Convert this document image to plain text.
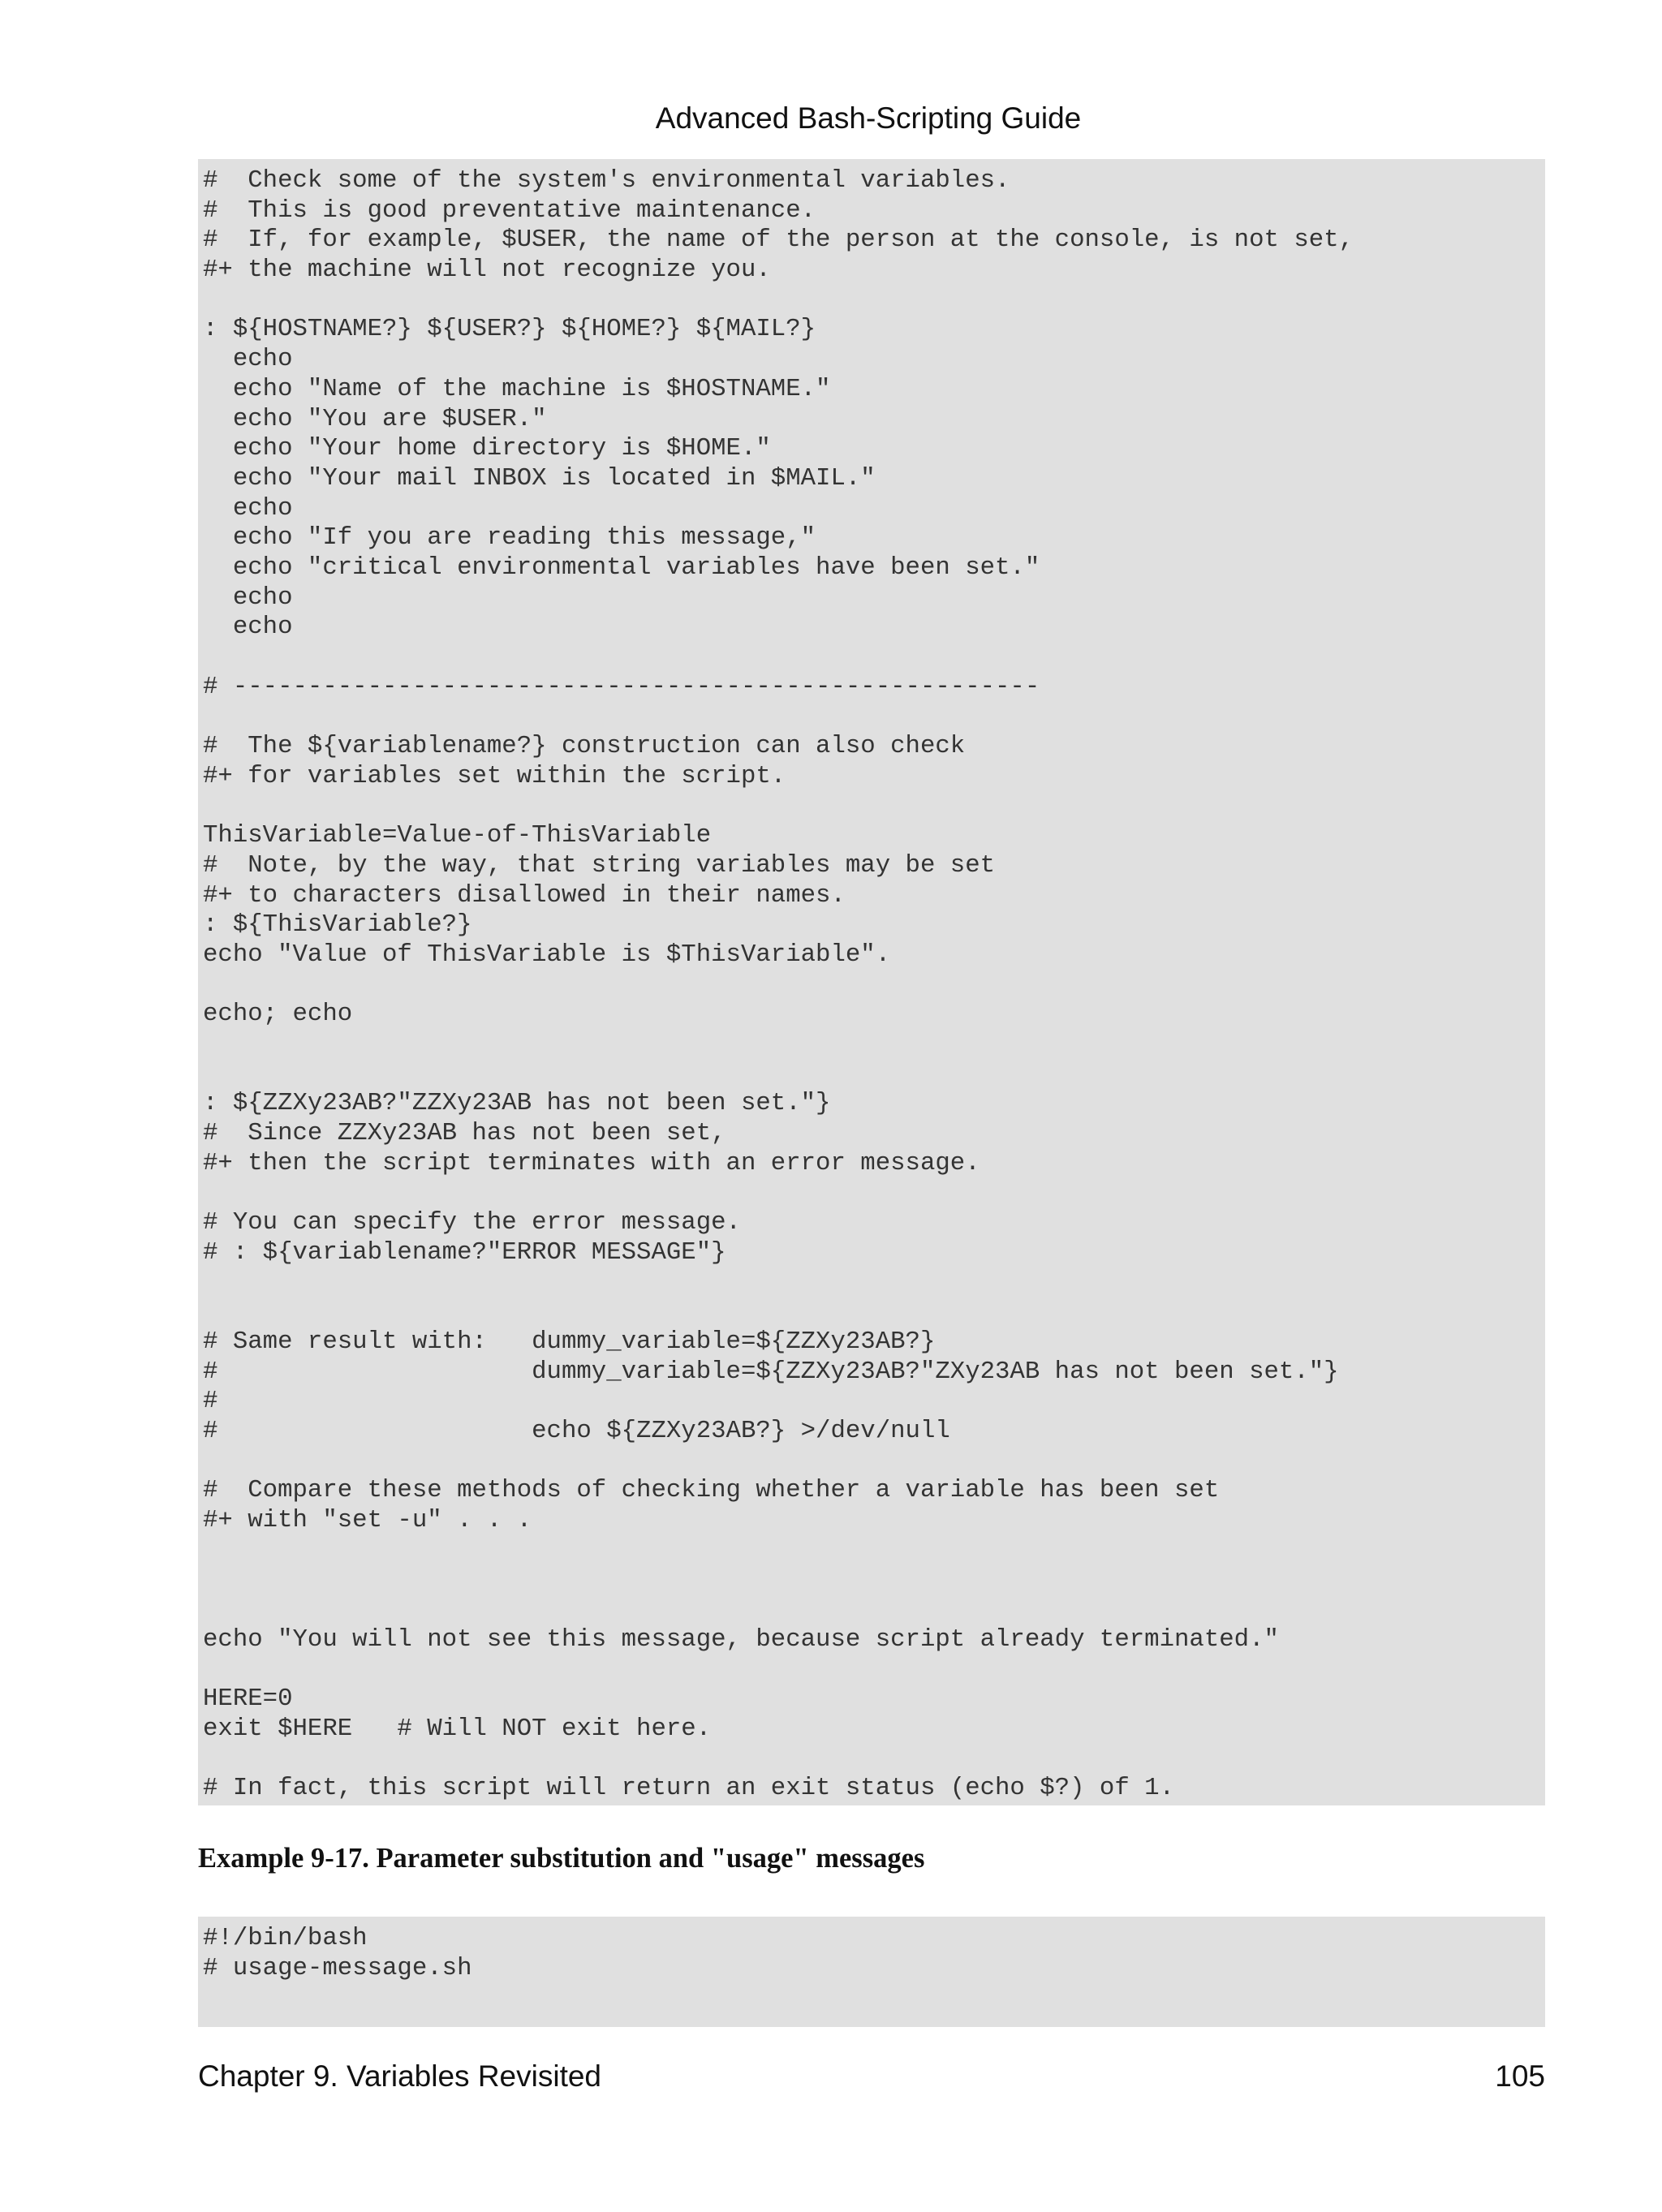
Advanced Bash-Scripting Guide
#  Check some of the system's environmental variables.
#  This is good preventative maintenance.
#  If, for example, $USER, the name of the person at the console, is not set,
#+ the machine will not recognize you.
: ${HOSTNAME?} ${USER?} ${HOME?} ${MAIL?}
echo
echo "Name of the machine is $HOSTNAME."
echo "You are $USER."
echo "Your home directory is $HOME."
echo "Your mail INBOX is located in $MAIL."
echo
echo "If you are reading this message,"
echo "critical environmental variables have been set."
echo
echo
# ------------------------------------------------------
#  The ${variablename?} construction can also check
#+ for variables set within the script.
ThisVariable=Value-of-ThisVariable
#  Note, by the way, that string variables may be set
#+ to characters disallowed in their names.
: ${ThisVariable?}
echo "Value of ThisVariable is $ThisVariable".
echo; echo
: ${ZZXy23AB?"ZZXy23AB has not been set."}
#  Since ZZXy23AB has not been set,
#+ then the script terminates with an error message.
# You can specify the error message.
# : ${variablename?"ERROR MESSAGE"}
# Same result with:   dummy_variable=${ZZXy23AB?}
#                     dummy_variable=${ZZXy23AB?"ZXy23AB has not been set."}
#
#                     echo ${ZZXy23AB?} >/dev/null
#  Compare these methods of checking whether a variable has been set
#+ with "set -u" . . .
echo "You will not see this message, because script already terminated."
HERE=0
exit $HERE   # Will NOT exit here.
# In fact, this script will return an exit status (echo $?) of 1.
Example 9-17. Parameter substitution and "usage" messages
#!/bin/bash
# usage-message.sh
Chapter 9. Variables Revisited	105
